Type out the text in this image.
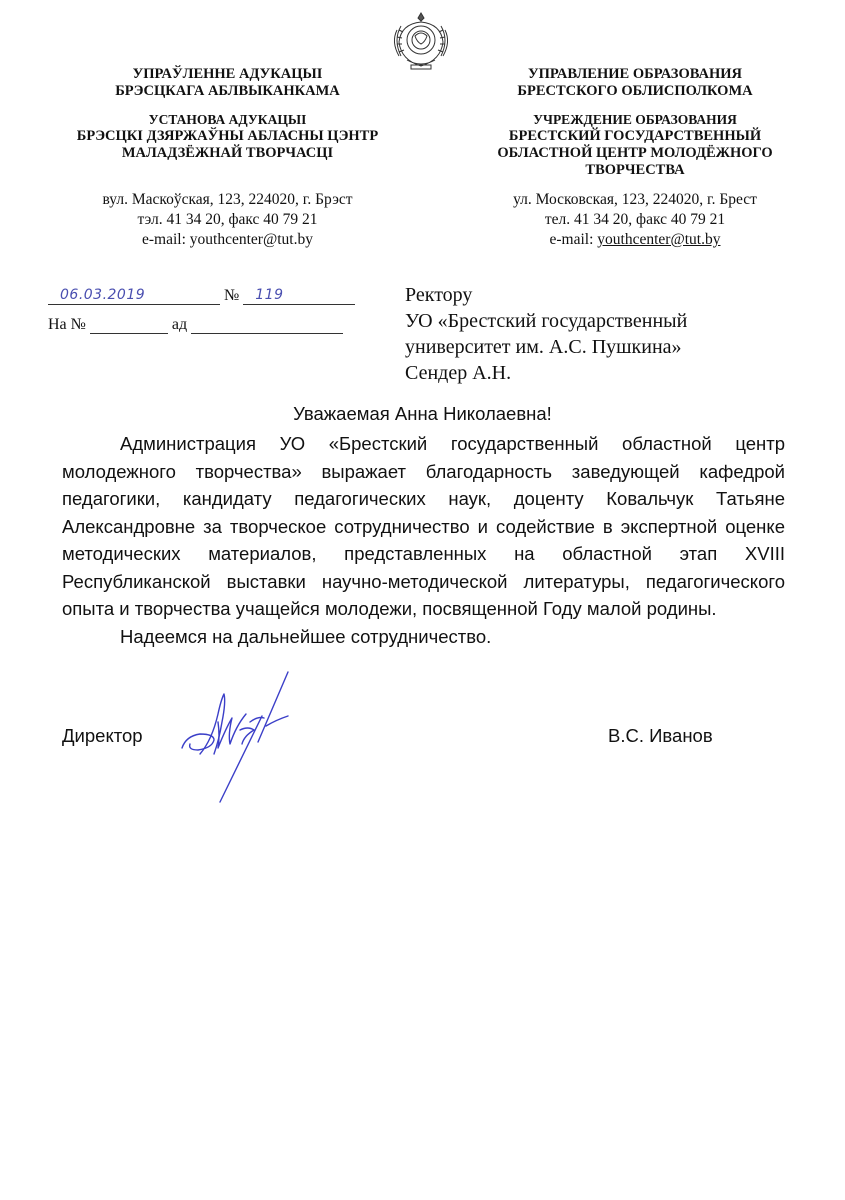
УПРАЎЛЕННЕ АДУКАЦЫІ

БРЭСЦКАГА АБЛВЫКАНКАМА

УСТАНОВА АДУКАЦЫІ

БРЭСЦКІ ДЗЯРЖАЎНЫ АБЛАСНЫ ЦЭНТР

МАЛАДЗЁЖНАЙ ТВОРЧАСЦІ

вул. Маскоўская, 123, 224020, г. Брэст

тэл. 41 34 20, факс 40 79 21

e-mail: youthcenter@tut.by

УПРАВЛЕНИЕ ОБРАЗОВАНИЯ

БРЕСТСКОГО ОБЛИСПОЛКОМА

УЧРЕЖДЕНИЕ ОБРАЗОВАНИЯ

БРЕСТСКИЙ ГОСУДАРСТВЕННЫЙ

ОБЛАСТНОЙ ЦЕНТР МОЛОДЁЖНОГО

ТВОРЧЕСТВА

ул. Московская, 123, 224020, г. Брест

тел. 41 34 20, факс 40 79 21

e-mail: youthcenter@tut.by

06.03.2019	№ 119
На №	ад
Ректору
УО «Брестский государственный
университет им. А.С. Пушкина»
Сендер А.Н.
Уважаемая Анна Николаевна!

Администрация УО «Брестский государственный областной центр молодежного творчества» выражает благодарность заведующей кафедрой педагогики, кандидату педагогических наук, доценту Ковальчук Татьяне Александровне за творческое сотрудничество и содействие в экспертной оценке методических материалов, представленных на областной этап XVIII Республиканской выставки научно-методической литературы, педагогического опыта и творчества учащейся молодежи, посвященной Году малой родины.

Надеемся на дальнейшее сотрудничество.

Директор	В.С. Иванов
